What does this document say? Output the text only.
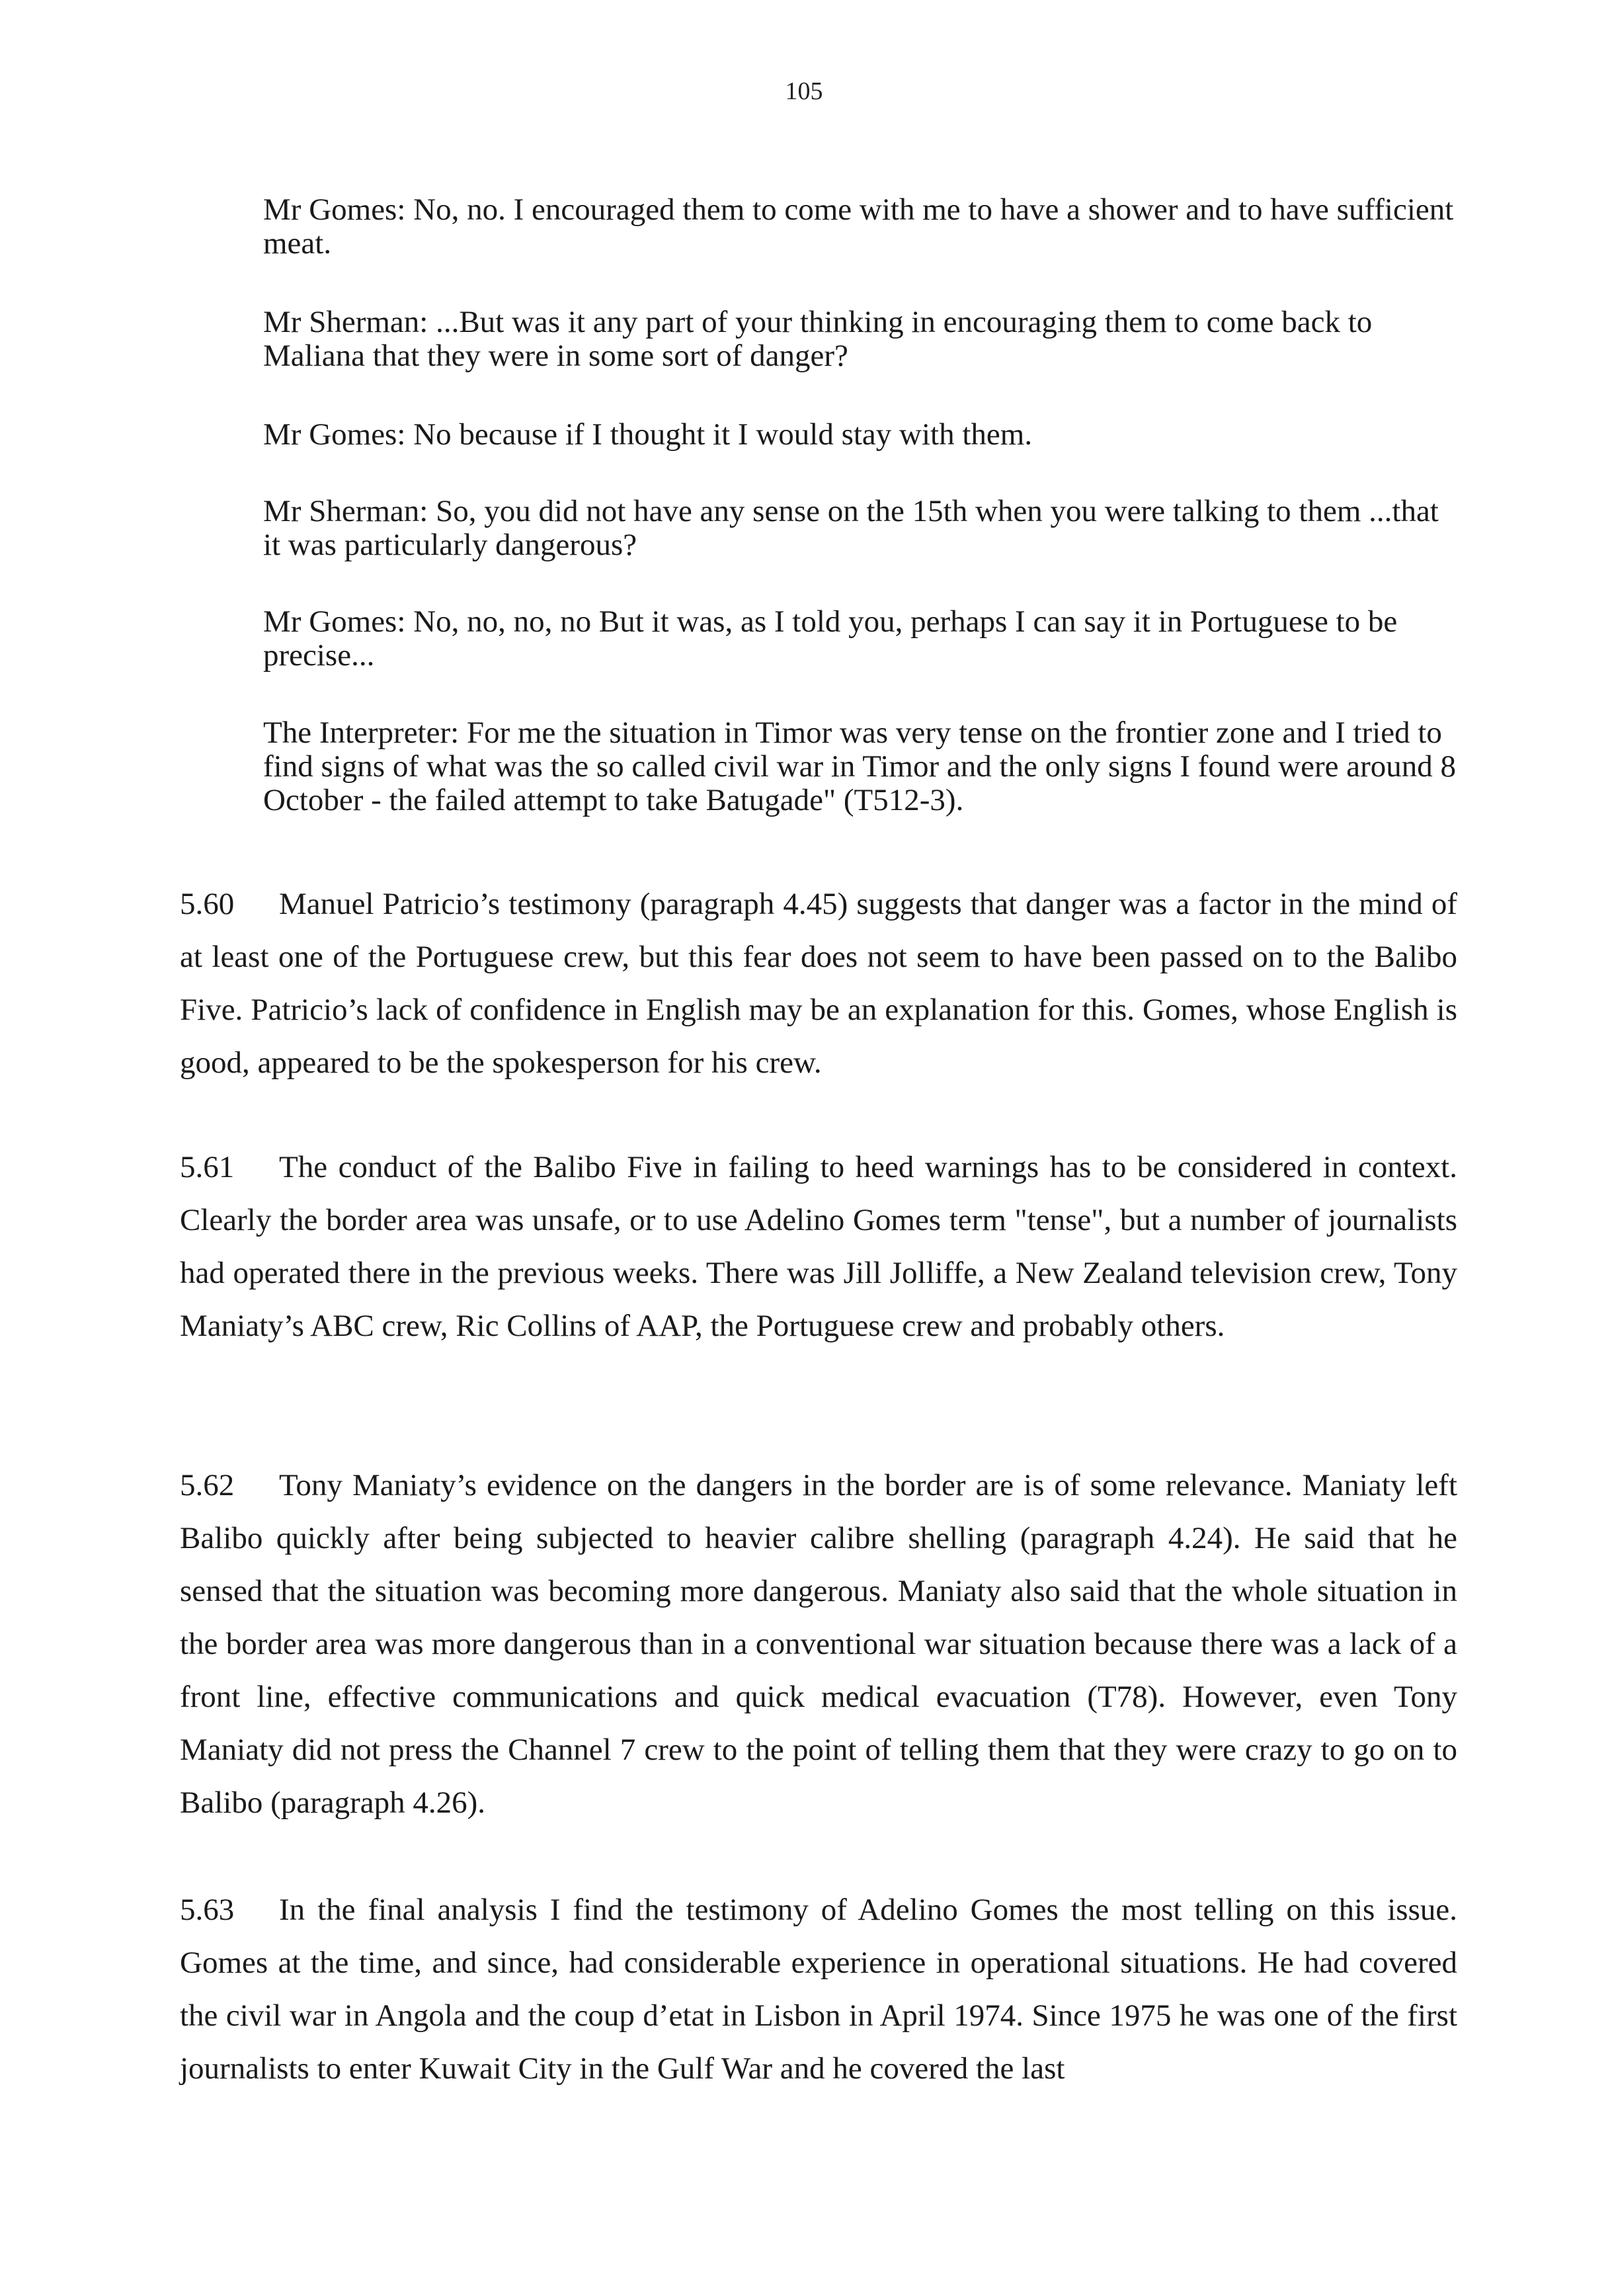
105

Mr Gomes: No, no. I encouraged them to come with me to have a shower and to have sufficient meat.

Mr Sherman: ...But was it any part of your thinking in encouraging them to come back to Maliana that they were in some sort of danger?

Mr Gomes: No because if I thought it I would stay with them.

Mr Sherman: So, you did not have any sense on the 15th when you were talking to them ...that it was particularly dangerous?

Mr Gomes: No, no, no, no But it was, as I told you, perhaps I can say it in Portuguese to be precise...

The Interpreter: For me the situation in Timor was very tense on the frontier zone and I tried to find signs of what was the so called civil war in Timor and the only signs I found were around 8 October - the failed attempt to take Batugade" (T512-3).

5.60 Manuel Patricio’s testimony (paragraph 4.45) suggests that danger was a factor in the mind of at least one of the Portuguese crew, but this fear does not seem to have been passed on to the Balibo Five. Patricio’s lack of confidence in English may be an explanation for this. Gomes, whose English is good, appeared to be the spokesperson for his crew.

5.61 The conduct of the Balibo Five in failing to heed warnings has to be considered in context. Clearly the border area was unsafe, or to use Adelino Gomes term "tense", but a number of journalists had operated there in the previous weeks. There was Jill Jolliffe, a New Zealand television crew, Tony Maniaty’s ABC crew, Ric Collins of AAP, the Portuguese crew and probably others.

5.62 Tony Maniaty’s evidence on the dangers in the border are is of some relevance. Maniaty left Balibo quickly after being subjected to heavier calibre shelling (paragraph 4.24). He said that he sensed that the situation was becoming more dangerous. Maniaty also said that the whole situation in the border area was more dangerous than in a conventional war situation because there was a lack of a front line, effective communications and quick medical evacuation (T78). However, even Tony Maniaty did not press the Channel 7 crew to the point of telling them that they were crazy to go on to Balibo (paragraph 4.26).

5.63 In the final analysis I find the testimony of Adelino Gomes the most telling on this issue. Gomes at the time, and since, had considerable experience in operational situations. He had covered the civil war in Angola and the coup d’etat in Lisbon in April 1974. Since 1975 he was one of the first journalists to enter Kuwait City in the Gulf War and he covered the last
